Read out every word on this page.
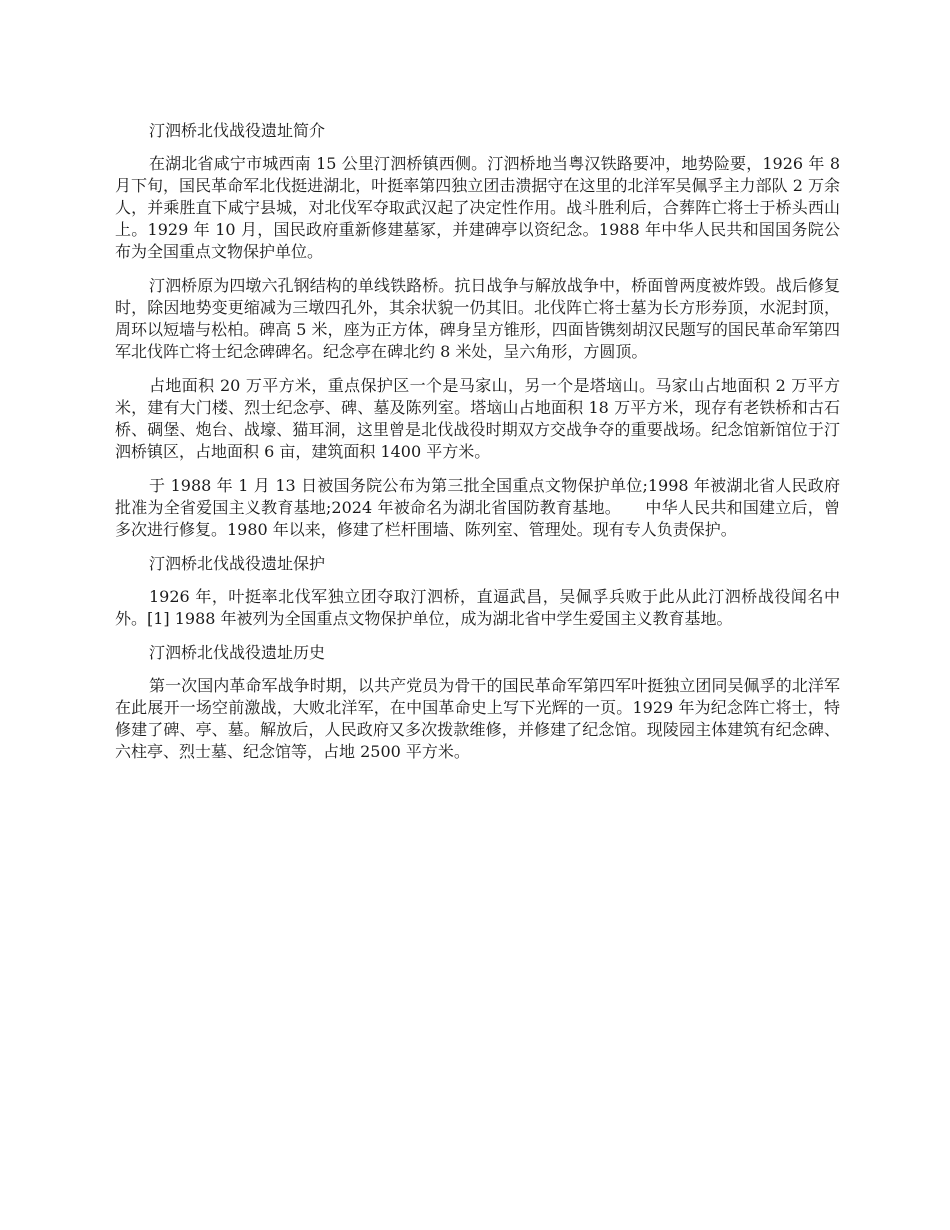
汀泗桥北伐战役遗址简介

在湖北省咸宁市城西南 15 公里汀泗桥镇西侧。汀泗桥地当粤汉铁路要冲，地势险要，1926 年 8 月下旬，国民革命军北伐挺进湖北，叶挺率第四独立团击溃据守在这里的北洋军吴佩孚主力部队 2 万余人，并乘胜直下咸宁县城，对北伐军夺取武汉起了决定性作用。战斗胜利后，合葬阵亡将士于桥头西山上。1929 年 10 月，国民政府重新修建墓冢，并建碑亭以资纪念。1988 年中华人民共和国国务院公布为全国重点文物保护单位。

汀泗桥原为四墩六孔钢结构的单线铁路桥。抗日战争与解放战争中，桥面曾两度被炸毁。战后修复时，除因地势变更缩减为三墩四孔外，其余状貌一仍其旧。北伐阵亡将士墓为长方形券顶，水泥封顶，周环以短墙与松柏。碑高 5 米，座为正方体，碑身呈方锥形，四面皆镌刻胡汉民题写的国民革命军第四军北伐阵亡将士纪念碑碑名。纪念亭在碑北约 8 米处，呈六角形，方圆顶。

占地面积 20 万平方米，重点保护区一个是马家山，另一个是塔垴山。马家山占地面积 2 万平方米，建有大门楼、烈士纪念亭、碑、墓及陈列室。塔垴山占地面积 18 万平方米，现存有老铁桥和古石桥、碉堡、炮台、战壕、猫耳洞，这里曾是北伐战役时期双方交战争夺的重要战场。纪念馆新馆位于汀泗桥镇区，占地面积 6 亩，建筑面积 1400 平方米。

于 1988 年 1 月 13 日被国务院公布为第三批全国重点文物保护单位;1998 年被湖北省人民政府批准为全省爱国主义教育基地;2024 年被命名为湖北省国防教育基地。　　中华人民共和国建立后，曾多次进行修复。1980 年以来，修建了栏杆围墙、陈列室、管理处。现有专人负责保护。

汀泗桥北伐战役遗址保护

1926 年，叶挺率北伐军独立团夺取汀泗桥，直逼武昌，吴佩孚兵败于此从此汀泗桥战役闻名中外。[1] 1988 年被列为全国重点文物保护单位，成为湖北省中学生爱国主义教育基地。

汀泗桥北伐战役遗址历史

第一次国内革命军战争时期，以共产党员为骨干的国民革命军第四军叶挺独立团同吴佩孚的北洋军在此展开一场空前激战，大败北洋军，在中国革命史上写下光辉的一页。1929 年为纪念阵亡将士，特修建了碑、亭、墓。解放后，人民政府又多次拨款维修，并修建了纪念馆。现陵园主体建筑有纪念碑、六柱亭、烈士墓、纪念馆等，占地 2500 平方米。
